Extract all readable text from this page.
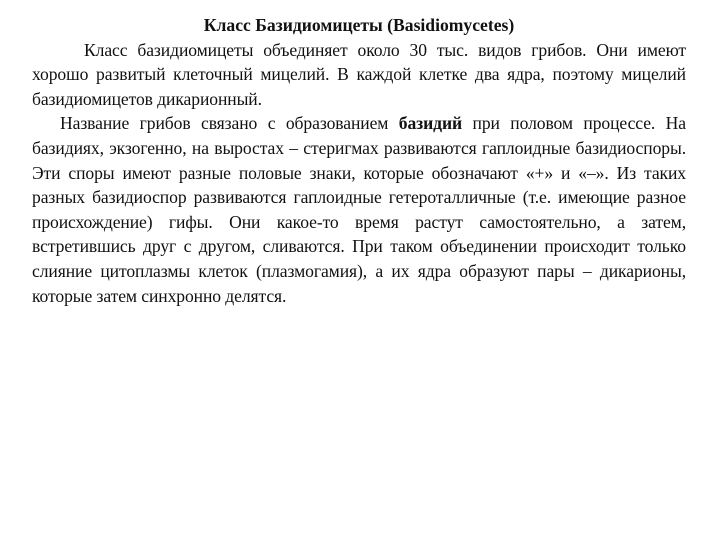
Класс Базидиомицеты (Basidiomycetes)

Класс базидиомицеты объединяет около 30 тыс. видов грибов. Они имеют хорошо развитый клеточный мицелий. В каждой клетке два ядра, поэтому мицелий базидиомицетов дикарионный.

Название грибов связано с образованием базидий при половом процессе. На базидиях, экзогенно, на выростах – стеригмах развиваются гаплоидные базидиоспоры. Эти споры имеют разные половые знаки, которые обозначают «+» и «–». Из таких разных базидиоспор развиваются гаплоидные гетероталличные (т.е. имеющие разное происхождение) гифы. Они какое-то время растут самостоятельно, а затем, встретившись друг с другом, сливаются. При таком объединении происходит только слияние цитоплазмы клеток (плазмогамия), а их ядра образуют пары – дикарионы, которые затем синхронно делятся.
